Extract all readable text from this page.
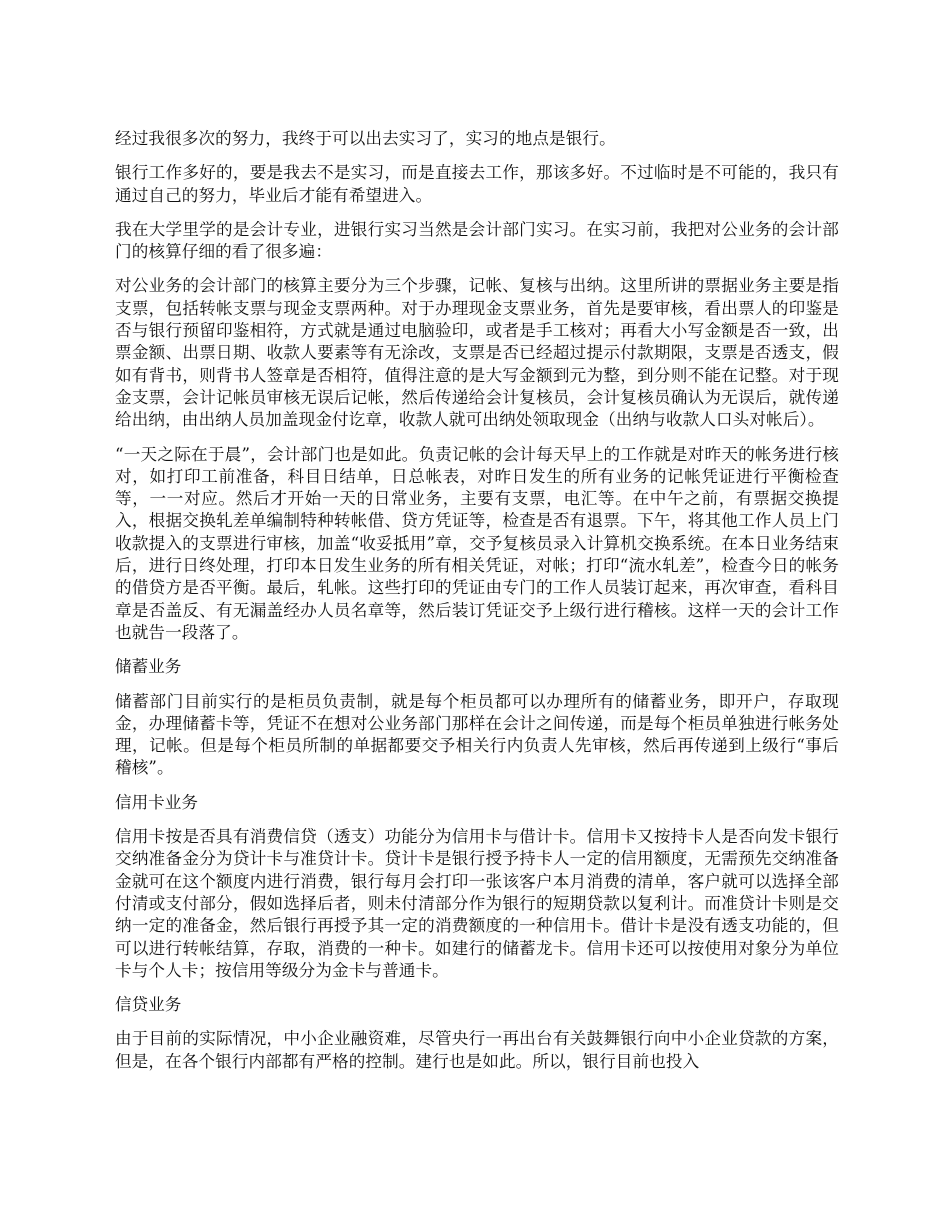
经过我很多次的努力，我终于可以出去实习了，实习的地点是银行。

银行工作多好的，要是我去不是实习，而是直接去工作，那该多好。不过临时是不可能的，我只有通过自己的努力，毕业后才能有希望进入。

我在大学里学的是会计专业，进银行实习当然是会计部门实习。在实习前，我把对公业务的会计部门的核算仔细的看了很多遍：

对公业务的会计部门的核算主要分为三个步骤，记帐、复核与出纳。这里所讲的票据业务主要是指支票，包括转帐支票与现金支票两种。对于办理现金支票业务，首先是要审核，看出票人的印鉴是否与银行预留印鉴相符，方式就是通过电脑验印，或者是手工核对；再看大小写金额是否一致，出票金额、出票日期、收款人要素等有无涂改，支票是否已经超过提示付款期限，支票是否透支，假如有背书，则背书人签章是否相符，值得注意的是大写金额到元为整，到分则不能在记整。对于现金支票，会计记帐员审核无误后记帐，然后传递给会计复核员，会计复核员确认为无误后，就传递给出纳，由出纳人员加盖现金付讫章，收款人就可出纳处领取现金（出纳与收款人口头对帐后）。

“一天之际在于晨”，会计部门也是如此。负责记帐的会计每天早上的工作就是对昨天的帐务进行核对，如打印工前准备，科目日结单，日总帐表，对昨日发生的所有业务的记帐凭证进行平衡检查等，一一对应。然后才开始一天的日常业务，主要有支票，电汇等。在中午之前，有票据交换提入，根据交换轧差单编制特种转帐借、贷方凭证等，检查是否有退票。下午，将其他工作人员上门收款提入的支票进行审核，加盖“收妥抵用”章，交予复核员录入计算机交换系统。在本日业务结束后，进行日终处理，打印本日发生业务的所有相关凭证，对帐；打印“流水轧差”，检查今日的帐务的借贷方是否平衡。最后，轧帐。这些打印的凭证由专门的工作人员装订起来，再次审查，看科目章是否盖反、有无漏盖经办人员名章等，然后装订凭证交予上级行进行稽核。这样一天的会计工作也就告一段落了。

储蓄业务

储蓄部门目前实行的是柜员负责制，就是每个柜员都可以办理所有的储蓄业务，即开户，存取现金，办理储蓄卡等，凭证不在想对公业务部门那样在会计之间传递，而是每个柜员单独进行帐务处理，记帐。但是每个柜员所制的单据都要交予相关行内负责人先审核，然后再传递到上级行“事后稽核”。

信用卡业务

信用卡按是否具有消费信贷（透支）功能分为信用卡与借计卡。信用卡又按持卡人是否向发卡银行交纳准备金分为贷计卡与准贷计卡。贷计卡是银行授予持卡人一定的信用额度，无需预先交纳准备金就可在这个额度内进行消费，银行每月会打印一张该客户本月消费的清单，客户就可以选择全部付清或支付部分，假如选择后者，则未付清部分作为银行的短期贷款以复利计。而准贷计卡则是交纳一定的准备金，然后银行再授予其一定的消费额度的一种信用卡。借计卡是没有透支功能的，但可以进行转帐结算，存取，消费的一种卡。如建行的储蓄龙卡。信用卡还可以按使用对象分为单位卡与个人卡；按信用等级分为金卡与普通卡。

信贷业务

由于目前的实际情况，中小企业融资难，尽管央行一再出台有关鼓舞银行向中小企业贷款的方案，但是，在各个银行内部都有严格的控制。建行也是如此。所以，银行目前也投入
